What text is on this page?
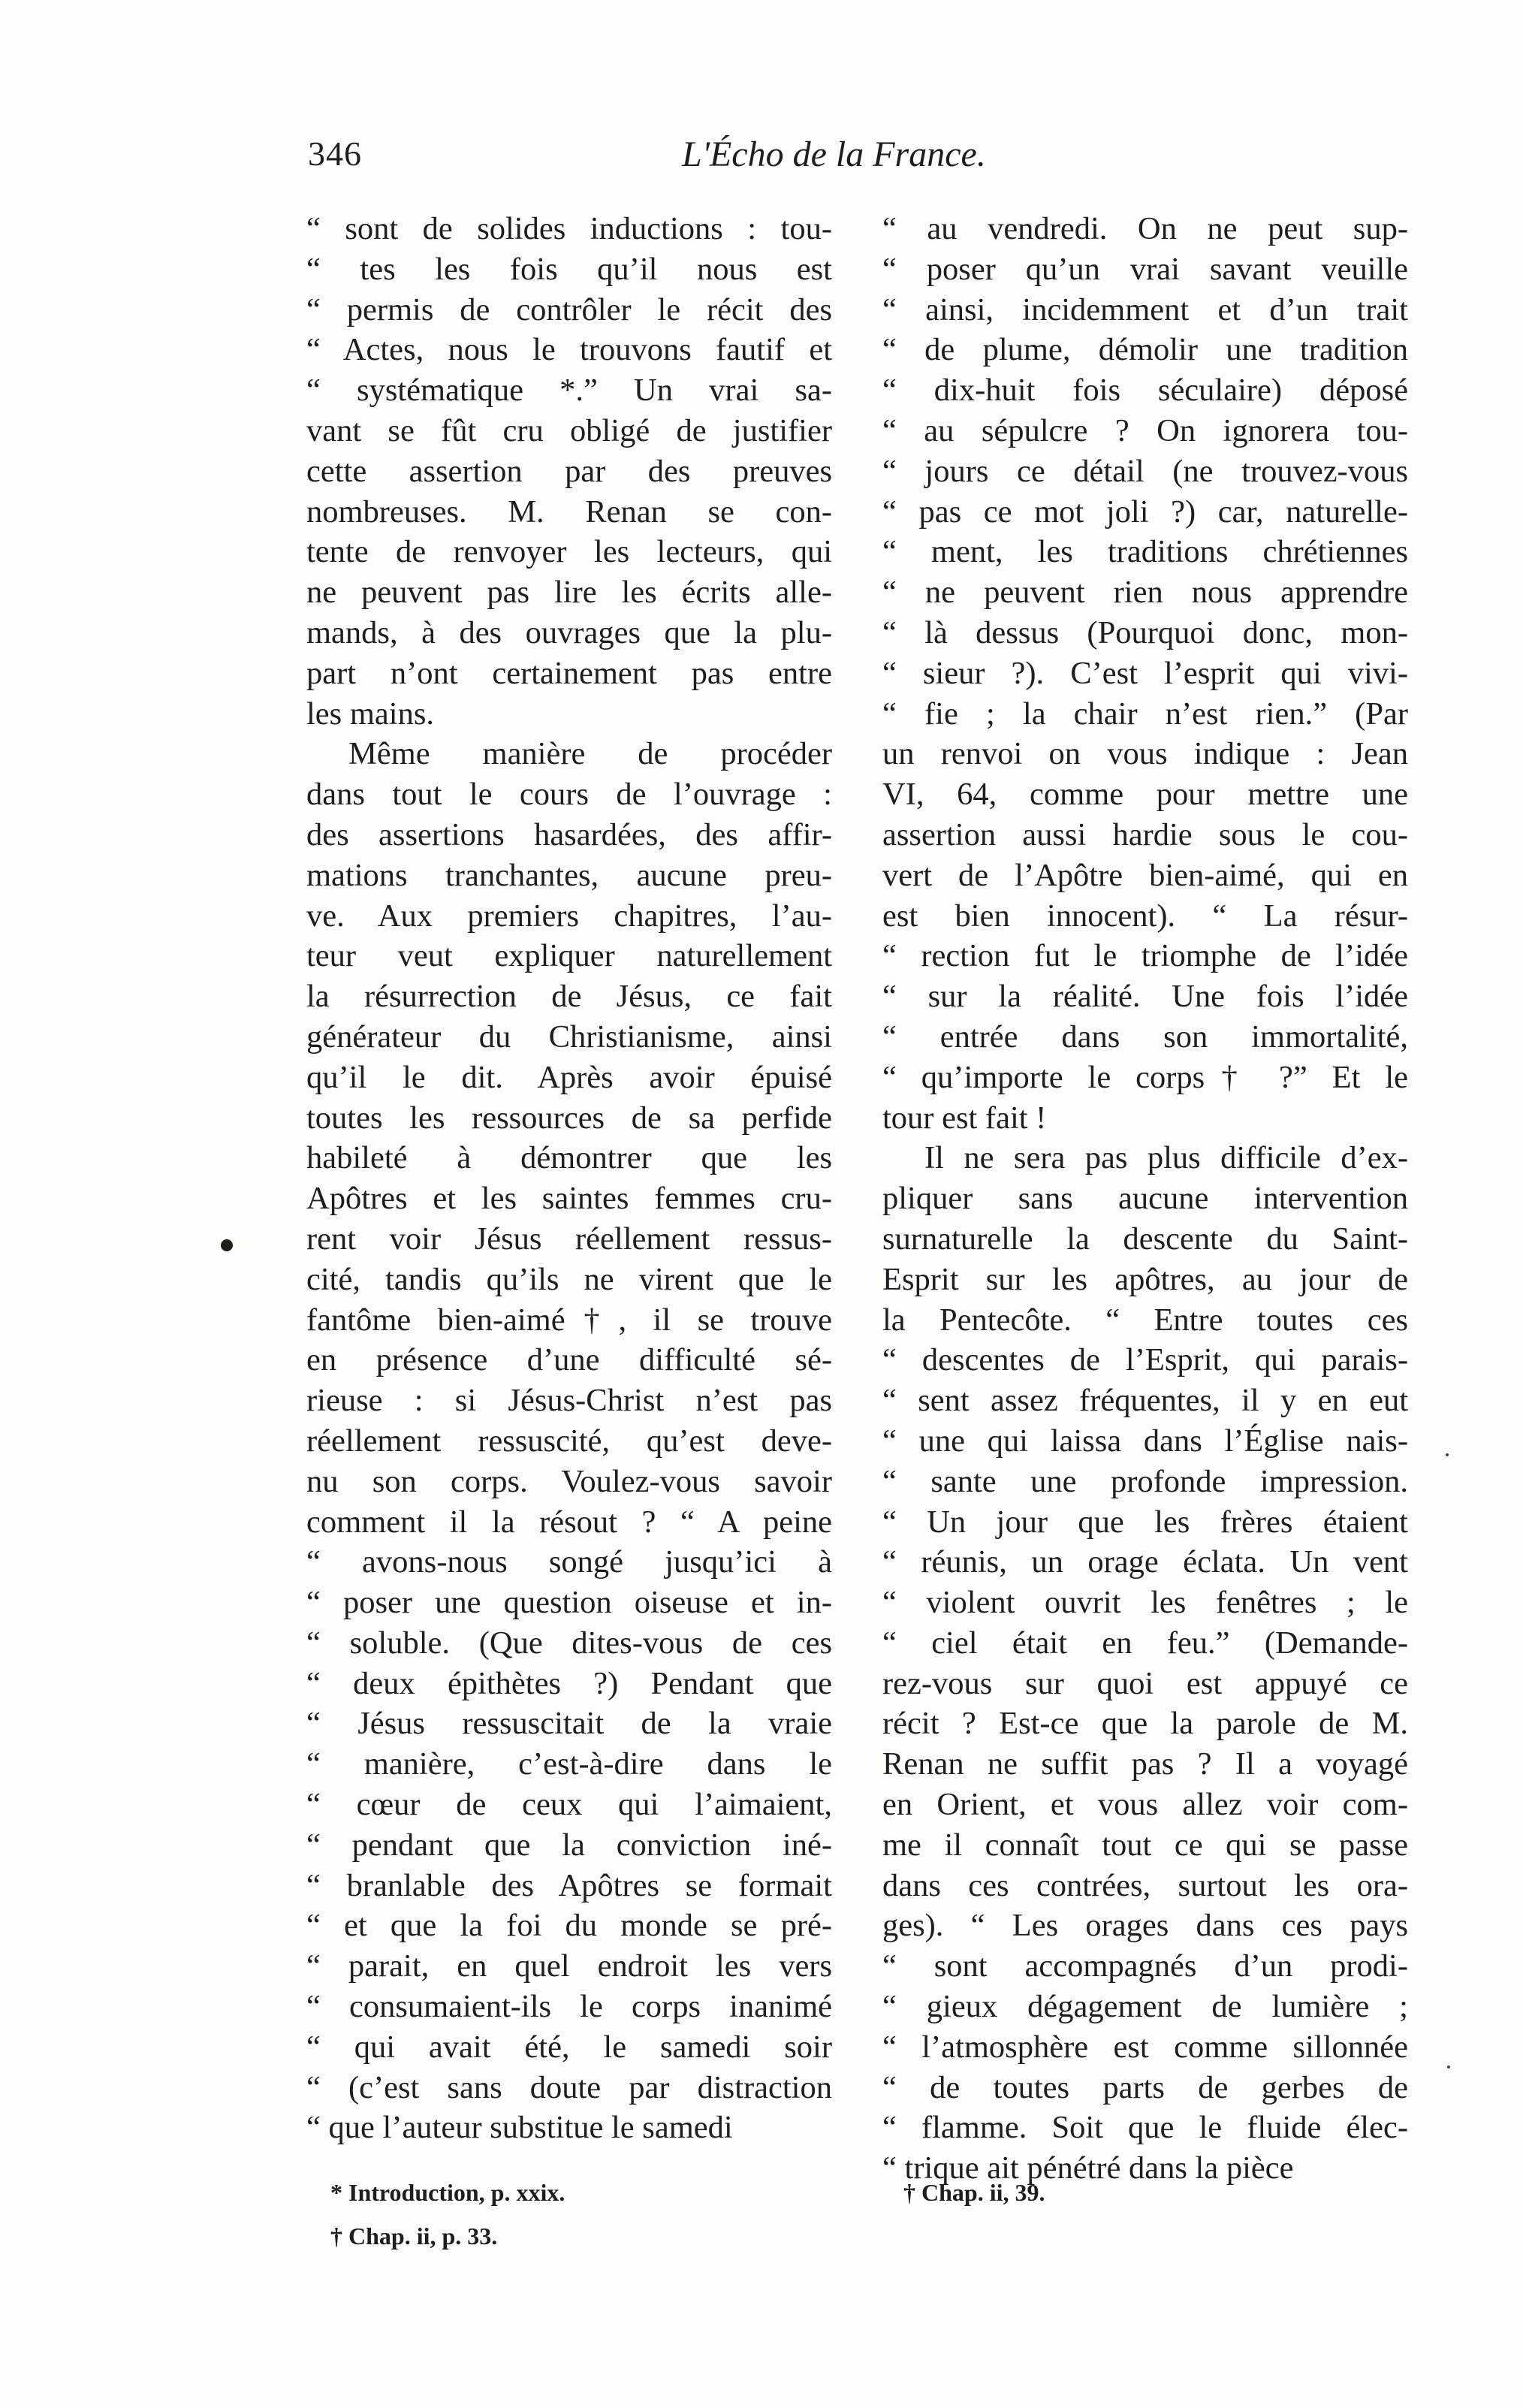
346	L'Écho de la France.
“ sont de solides inductions : tou-
“ tes les fois qu’il nous est
“ permis de contrôler le récit des
“ Actes, nous le trouvons fautif et
“ systématique *.” Un vrai sa-
vant se fût cru obligé de justifier
cette assertion par des preuves
nombreuses. M. Renan se con-
tente de renvoyer les lecteurs, qui
ne peuvent pas lire les écrits alle-
mands, à des ouvrages que la plu-
part n’ont certainement pas entre
les mains.
Même manière de procéder
dans tout le cours de l’ouvrage :
des assertions hasardées, des affir-
mations tranchantes, aucune preu-
ve. Aux premiers chapitres, l’au-
teur veut expliquer naturellement
la résurrection de Jésus, ce fait
générateur du Christianisme, ainsi
qu’il le dit. Après avoir épuisé
toutes les ressources de sa perfide
habileté à démontrer que les
Apôtres et les saintes femmes cru-
rent voir Jésus réellement ressus-
cité, tandis qu’ils ne virent que le
fantôme bien-aimé†, il se trouve
en présence d’une difficulté sé-
rieuse : si Jésus-Christ n’est pas
réellement ressuscité, qu’est deve-
nu son corps. Voulez-vous savoir
comment il la résout ? “ A peine
“ avons-nous songé jusqu’ici à
“ poser une question oiseuse et in-
“ soluble. (Que dites-vous de ces
“ deux épithètes ?) Pendant que
“ Jésus ressuscitait de la vraie
“ manière, c’est-à-dire dans le
“ cœur de ceux qui l’aimaient,
“ pendant que la conviction iné-
“ branlable des Apôtres se formait
“ et que la foi du monde se pré-
“ parait, en quel endroit les vers
“ consumaient-ils le corps inanimé
“ qui avait été, le samedi soir
“ (c’est sans doute par distraction
“ que l’auteur substitue le samedi
“ au vendredi. On ne peut sup-
“ poser qu’un vrai savant veuille
“ ainsi, incidemment et d’un trait
“ de plume, démolir une tradition
“ dix-huit fois séculaire) déposé
“ au sépulcre ? On ignorera tou-
“ jours ce détail (ne trouvez-vous
“ pas ce mot joli ?) car, naturelle-
“ ment, les traditions chrétiennes
“ ne peuvent rien nous apprendre
“ là dessus (Pourquoi donc, mon-
“ sieur ?). C’est l’esprit qui vivi-
“ fie ; la chair n’est rien.” (Par
un renvoi on vous indique : Jean
VI, 64, comme pour mettre une
assertion aussi hardie sous le cou-
vert de l’Apôtre bien-aimé, qui en
est bien innocent). “ La résur-
“ rection fut le triomphe de l’idée
“ sur la réalité. Une fois l’idée
“ entrée dans son immortalité,
“ qu’importe le corps† ?” Et le
tour est fait !
Il ne sera pas plus difficile d’ex-
pliquer sans aucune intervention
surnaturelle la descente du Saint-
Esprit sur les apôtres, au jour de
la Pentecôte. “ Entre toutes ces
“ descentes de l’Esprit, qui parais-
“ sent assez fréquentes, il y en eut
“ une qui laissa dans l’Église nais-
“ sante une profonde impression.
“ Un jour que les frères étaient
“ réunis, un orage éclata. Un vent
“ violent ouvrit les fenêtres ; le
“ ciel était en feu.” (Demande-
rez-vous sur quoi est appuyé ce
récit ? Est-ce que la parole de M.
Renan ne suffit pas ? Il a voyagé
en Orient, et vous allez voir com-
me il connaît tout ce qui se passe
dans ces contrées, surtout les ora-
ges). “ Les orages dans ces pays
“ sont accompagnés d’un prodi-
“ gieux dégagement de lumière ;
“ l’atmosphère est comme sillonnée
“ de toutes parts de gerbes de
“ flamme. Soit que le fluide élec-
“ trique ait pénétré dans la pièce
* Introduction, p. xxix.
† Chap. ii, p. 33.
† Chap. ii, 39.
